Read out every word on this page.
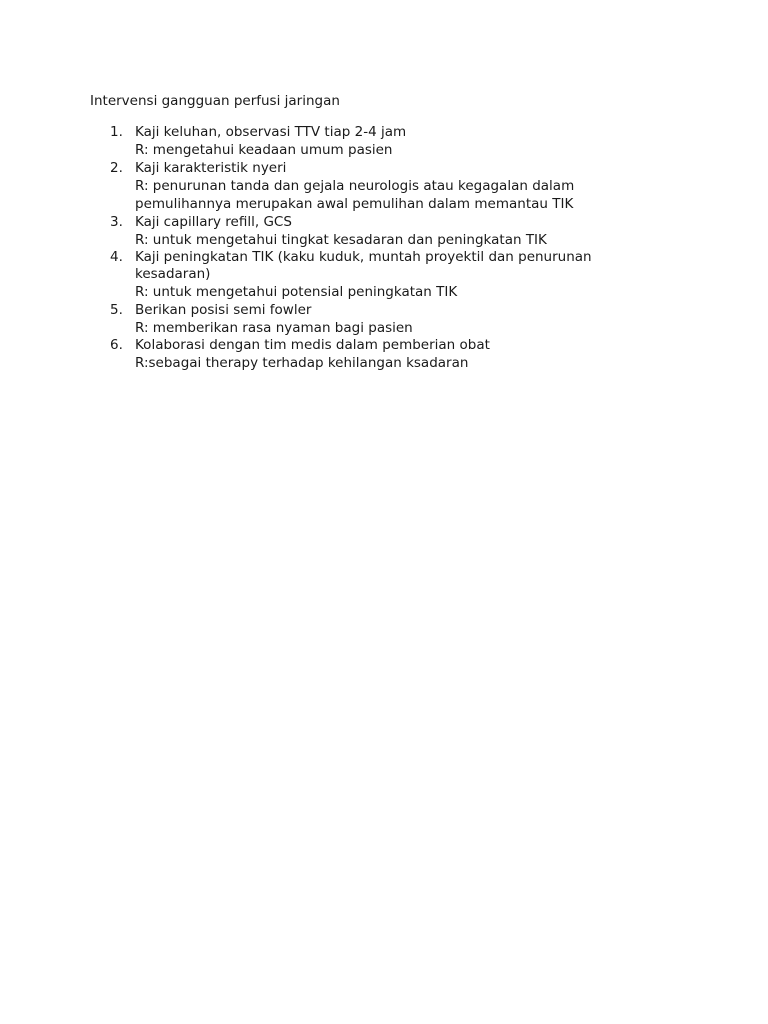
Intervensi gangguan perfusi jaringan
1. Kaji keluhan, observasi TTV tiap 2-4 jam
R: mengetahui keadaan umum pasien
2. Kaji karakteristik nyeri
R: penurunan tanda dan gejala neurologis atau kegagalan dalam pemulihannya merupakan awal pemulihan dalam memantau TIK
3. Kaji capillary refill, GCS
R: untuk mengetahui tingkat kesadaran dan peningkatan TIK
4. Kaji peningkatan TIK (kaku kuduk, muntah proyektil dan penurunan kesadaran)
R: untuk mengetahui potensial peningkatan TIK
5. Berikan posisi semi fowler
R: memberikan rasa nyaman bagi pasien
6. Kolaborasi dengan tim medis dalam pemberian obat
R:sebagai therapy terhadap kehilangan ksadaran
